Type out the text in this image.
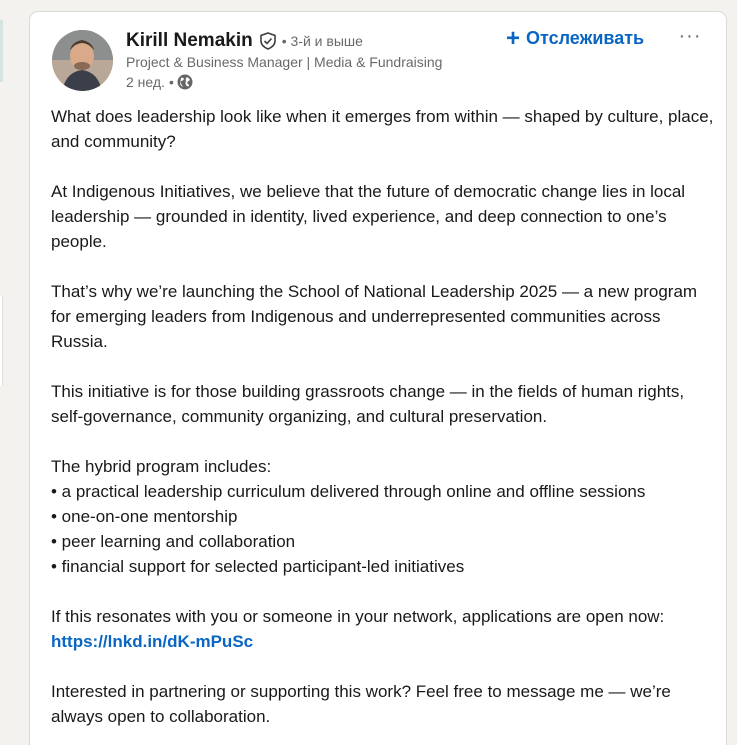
Kirill Nemakin • 3-й и выше
Project & Business Manager | Media & Fundraising
2 нед. •
+ Отслеживать ···

What does leadership look like when it emerges from within — shaped by culture, place, and community?

At Indigenous Initiatives, we believe that the future of democratic change lies in local leadership — grounded in identity, lived experience, and deep connection to one’s people.

That’s why we’re launching the School of National Leadership 2025 — a new program for emerging leaders from Indigenous and underrepresented communities across Russia.

This initiative is for those building grassroots change — in the fields of human rights, self-governance, community organizing, and cultural preservation.

The hybrid program includes:
• a practical leadership curriculum delivered through online and offline sessions
• one-on-one mentorship
• peer learning and collaboration
• financial support for selected participant-led initiatives

If this resonates with you or someone in your network, applications are open now:
https://lnkd.in/dK-mPuSc

Interested in partnering or supporting this work? Feel free to message me — we’re always open to collaboration.
